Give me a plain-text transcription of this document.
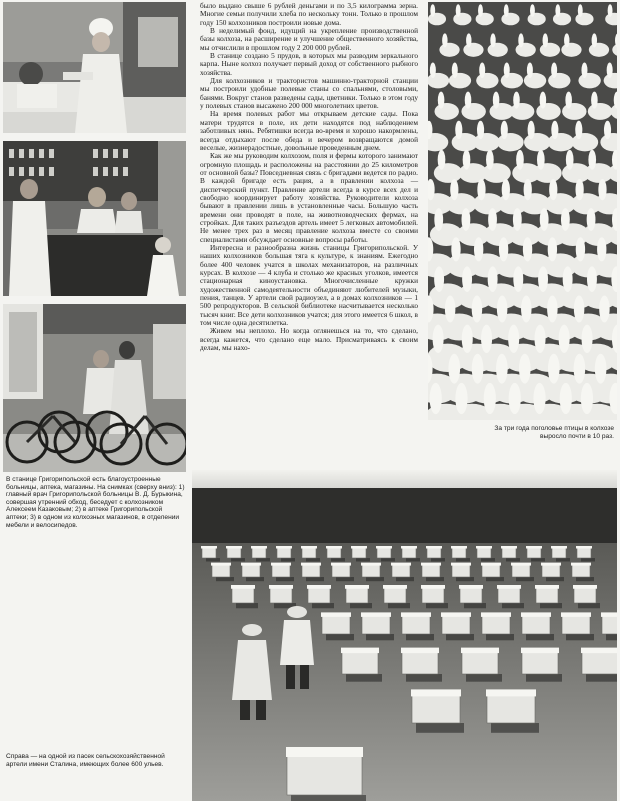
было выдано свыше 6 рублей деньгами и по 3,5 килограмма зерна. Многие семьи получили хлеба по нескольку тонн. Только в прошлом году 150 колхозников построили новые дома.

В неделимый фонд, идущий на укрепление производственной базы колхоза, на расширение и улучшение общественного хозяйства, мы отчислили в прошлом году 2 200 000 рублей.

В станице создано 5 прудов, в которых мы разводим зеркального карпа. Ныне колхоз получает первый доход от собственного рыбного хозяйства.

Для колхозников и трактористов машинно-тракторной станции мы построили удобные полевые станы со спальнями, столовыми, банями. Вокруг станов разведены сады, цветники. Только в этом году у полевых станов высажено 200 000 многолетних цветов.

На время полевых работ мы открываем детские сады. Пока матери трудятся в поле, их дети находятся под наблюдением заботливых нянь. Ребятишки всегда во-время и хорошо накормлены, всегда отдыхают после обеда и вечером возвращаются домой веселые, жизнерадостные, довольные проведенным днем.

Как же мы руководим колхозом, поля и фермы которого занимают огромную площадь и расположены на расстоянии до 25 километров от основной базы? Повседневная связь с бригадами ведется по радио. В каждой бригаде есть рация, а в правлении колхоза — диспетчерский пункт. Правление артели всегда в курсе всех дел и свободно координирует работу хозяйства. Руководители колхоза бывают в правлении лишь в установленные часы. Большую часть времени они проводят в поле, на животноводческих фермах, на стройках. Для таких разъездов артель имеет 5 легковых автомобилей. Не менее трех раз в месяц правление колхоза вместе со своими специалистами обсуждает основные вопросы работы.

Интересна и разнообразна жизнь станицы Григорипольской. У наших колхозников большая тяга к культуре, к знаниям. Ежегодно более 400 человек учатся в школах механизаторов, на различных курсах. В колхозе — 4 клуба и столько же красных уголков, имеется стационарная киноустановка. Многочисленные кружки художественной самодеятельности объединяют любителей музыки, пения, танцев. У артели свой радиоузел, а в домах колхозников — 1 500 репродукторов. В сельской библиотеке насчитывается несколько тысяч книг. Все дети колхозников учатся; для этого имеется 6 школ, в том числе одна десятилетка.

Живем мы неплохо. Но когда оглянешься на то, что сделано, всегда кажется, что сделано еще мало. Присматриваясь к своим делам, мы нахо-

За три года поголовье птицы в колхозе выросло почти в 10 раз.
В станице Григорипольской есть благоустроенные больницы, аптека, магазины. На снимках (сверху вниз): 1) главный врач Григорипольской больницы В. Д. Бурыкина, совершая утренний обход, беседует с колхозником Алексеем Казаковым; 2) в аптеке Григорипольской аптеки; 3) в одном из колхозных магазинов, в отделении мебели и велосипедов.
Справа — на одной из пасек сельскохозяйственной артели имени Сталина, имеющих более 600 ульев.
